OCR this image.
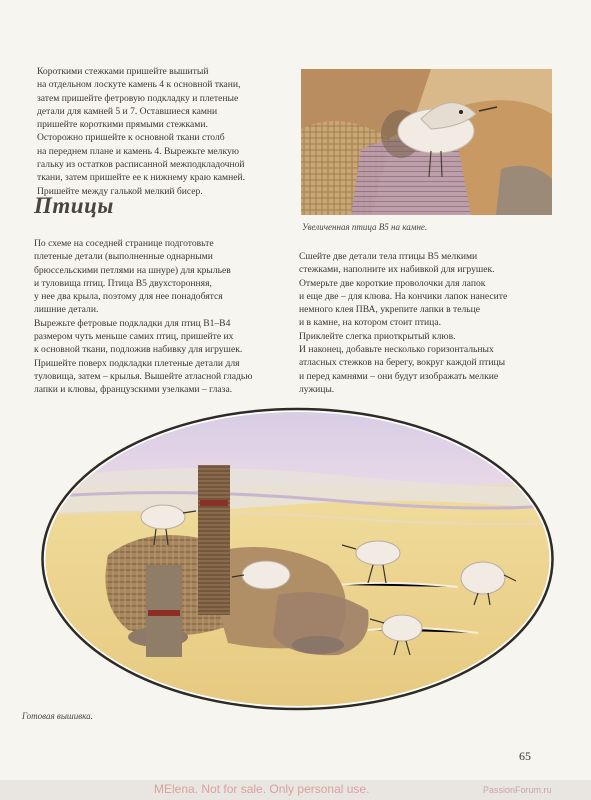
Короткими стежками пришейте вышитый
на отдельном лоскуте камень 4 к основной ткани,
затем пришейте фетровую подкладку и плетеные
детали для камней 5 и 7. Оставшиеся камни
пришейте короткими прямыми стежками.
Осторожно пришейте к основной ткани столб
на переднем плане и камень 4. Вырежьте мелкую
гальку из остатков расписанной межподкладочной
ткани, затем пришейте ее к нижнему краю камней.
Пришейте между галькой мелкий бисер.

Птицы

По схеме на соседней странице подготовьте
плетеные детали (выполненные однарными
брюссельскими петлями на шнуре) для крыльев
и туловища птиц. Птица В5 двухсторонняя,
у нее два крыла, поэтому для нее понадобятся
лишние детали.
Вырежьте фетровые подкладки для птиц В1–В4
размером чуть меньше самих птиц, пришейте их
к основной ткани, подложив набивку для игрушек.
Пришейте поверх подкладки плетеные детали для
туловища, затем – крылья. Вышейте атласной гладью
лапки и клювы, французскими узелками – глаза.

Увеличенная птица В5 на камне.

Сшейте две детали тела птицы В5 мелкими
стежками, наполните их набивкой для игрушек.
Отмерьте две короткие проволочки для лапок
и еще две – для клюва. На кончики лапок нанесите
немного клея ПВА, укрепите лапки в тельце
и в камне, на котором стоит птица.
Приклейте слегка приоткрытый клюв.
И наконец, добавьте несколько горизонтальных
атласных стежков на берегу, вокруг каждой птицы
и перед камнями – они будут изображать мелкие
лужицы.

Готовая вышивка.

65
MElena. Not for sale. Only personal use.	PassionForum.ru
